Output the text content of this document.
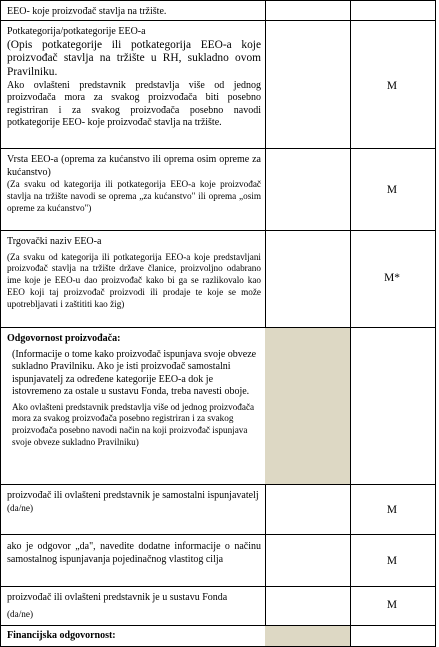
EEO- koje proizvođač stavlja na tržište.
Potkategorija/potkategorije EEO-a
(Opis potkategorije ili potkategorija EEO-a koje proizvođač stavlja na tržište u RH, sukladno ovom Pravilniku.
Ako ovlašteni predstavnik predstavlja više od jednog proizvođača mora za svakog proizvođača biti posebno registriran i za svakog proizvođača posebno navodi potkategorije EEO- koje proizvođač stavlja na tržište.
M
Vrsta EEO-a (oprema za kućanstvo ili oprema osim opreme za kućanstvo)
(Za svaku od kategorija ili potkategorija EEO-a koje proizvođač stavlja na tržište navodi se oprema „za kućanstvo" ili oprema „osim opreme za kućanstvo")
M
Trgovački naziv EEO-a
(Za svaku od kategorija ili potkategorija EEO-a koje predstavljani proizvođač stavlja na tržište države članice, proizvoljno odabrano ime koje je EEO-u dao proizvođač kako bi ga se razlikovalo kao EEO koji taj proizvođač proizvodi ili prodaje te koje se može upotrebljavati i zaštititi kao žig)
M*
Odgovornost proizvođača:
(Informacije o tome kako proizvođač ispunjava svoje obveze sukladno Pravilniku. Ako je isti proizvođač samostalni ispunjavatelj za određene kategorije EEO-a dok je istovremeno za ostale u sustavu Fonda, treba navesti oboje.
Ako ovlašteni predstavnik predstavlja više od jednog proizvođača mora za svakog proizvođača posebno registriran i za svakog proizvođača posebno navodi način na koji proizvođač ispunjava svoje obveze sukladno Pravilniku)
proizvođač ili ovlašteni predstavnik je samostalni ispunjavatelj
(da/ne)	M
ako je odgovor „da", navedite dodatne informacije o načinu samostalnog ispunjavanja pojedinačnog vlastitog cilja	M
proizvođač ili ovlašteni predstavnik je u sustavu Fonda
(da/ne)
M
Financijska odgovornost:
